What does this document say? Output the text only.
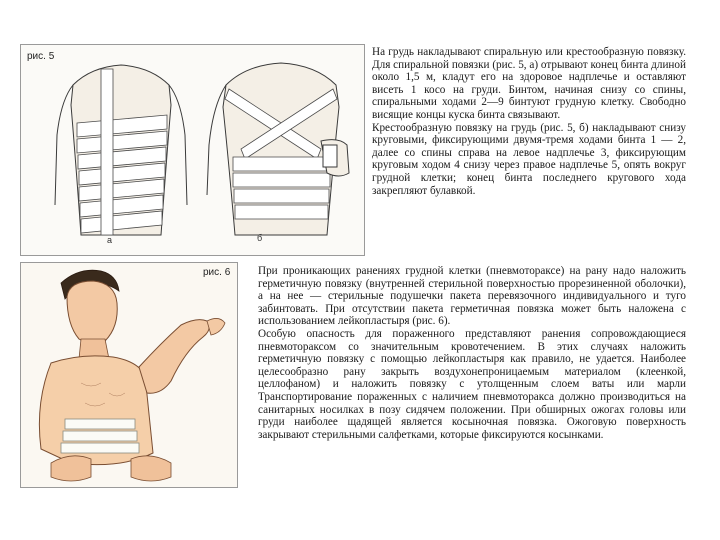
рис. 5
а	б
рис. 6

На грудь накладывают спиральную или крестообразную повязку. Для спиральной повязки (рис. 5, а) отрывают конец бинта длиной около 1,5 м, кладут его на здоровое надплечье и оставляют висеть 1 косо на груди. Бинтом, начиная снизу со спины, спиральными ходами 2—9 бинтуют грудную клетку. Свободно висящие концы куска бинта связывают.

Крестообразную повязку на грудь (рис. 5, б) накладывают снизу круговыми, фиксирующими двумя-тремя ходами бинта 1 — 2, далее со спины справа на левое надплечье 3, фиксирующим круговым ходом 4 снизу через правое надплечье 5, опять вокруг грудной клетки; конец бинта последнего кругового хода закрепляют булавкой.

При проникающих ранениях грудной клетки (пневмотораксе) на рану надо наложить герметичную повязку (внутренней стерильной поверхностью прорезиненной оболочки), а на нее — стерильные подушечки пакета перевязочного индивидуального и туго забинтовать. При отсутствии пакета герметичная повязка может быть наложена с использованием лейкопластыря (рис. 6).

Особую опасность для пораженного представляют ранения сопровождающиеся пневмотораксом со значительным кровотечением. В этих случаях наложить герметичную повязку с помощью лейкопластыря как правило, не удается. Наиболее целесообразно рану закрыть воздухонепроницаемым материалом (клеенкой, целлофаном) и наложить повязку с утолщенным слоем ваты или марли Транспортирование пораженных с наличием пневмоторакса должно производиться на санитарных носилках в позу сидячем положении. При обширных ожогах головы или груди наиболее щадящей является косыночная повязка. Ожоговую поверхность закрывают стерильными салфетками, которые фиксируются косынками.
